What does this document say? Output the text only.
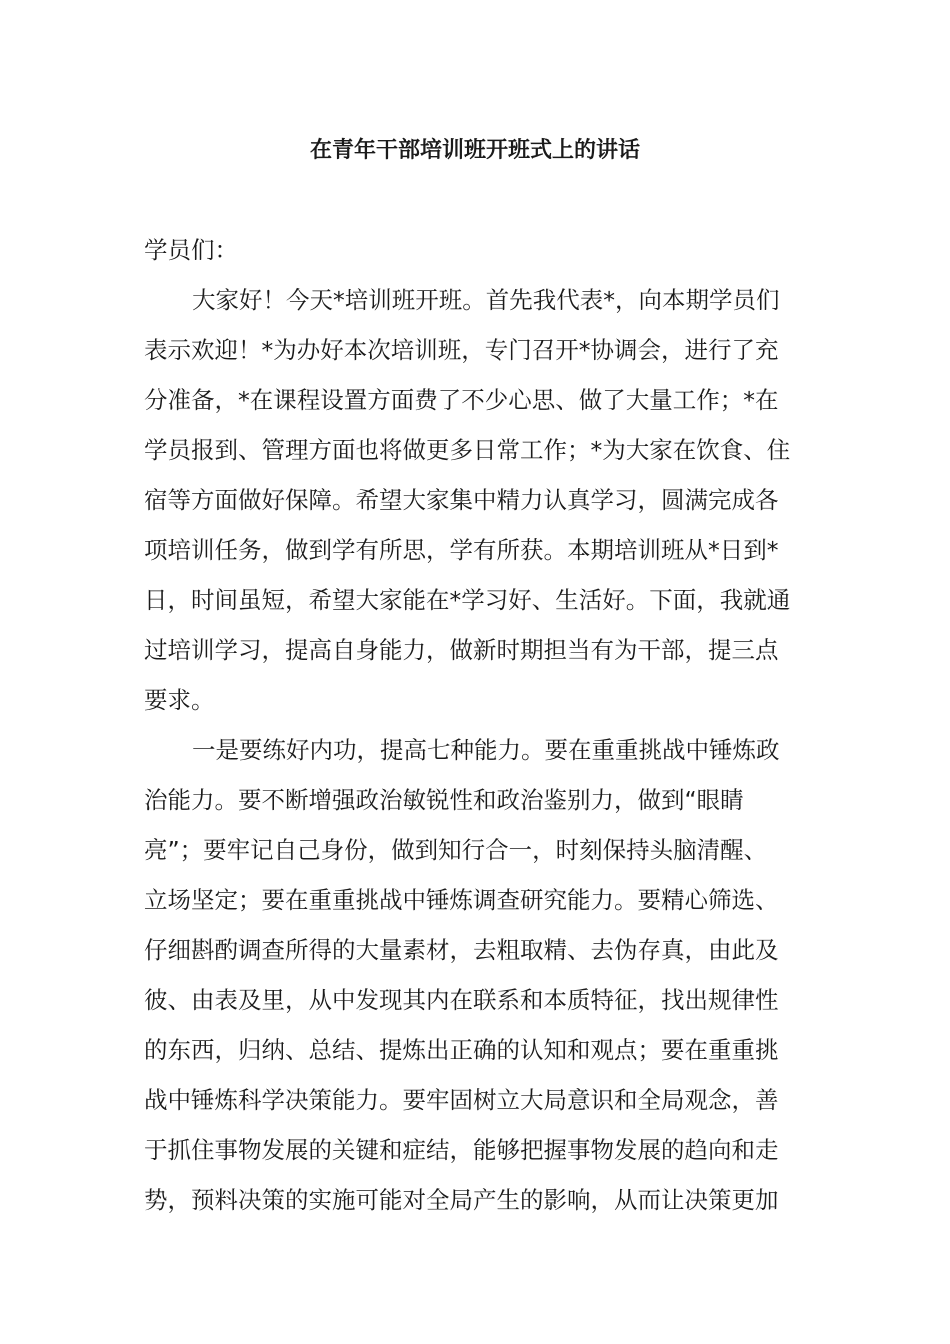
在青年干部培训班开班式上的讲话

学员们：

大家好！今天*培训班开班。首先我代表*，向本期学员们

表示欢迎！*为办好本次培训班，专门召开*协调会，进行了充

分准备，*在课程设置方面费了不少心思、做了大量工作；*在

学员报到、管理方面也将做更多日常工作；*为大家在饮食、住

宿等方面做好保障。希望大家集中精力认真学习，圆满完成各

项培训任务，做到学有所思，学有所获。本期培训班从*日到*

日，时间虽短，希望大家能在*学习好、生活好。下面，我就通

过培训学习，提高自身能力，做新时期担当有为干部，提三点

要求。

一是要练好内功，提高七种能力。要在重重挑战中锤炼政

治能力。要不断增强政治敏锐性和政治鉴别力，做到“眼睛

亮”；要牢记自己身份，做到知行合一，时刻保持头脑清醒、

立场坚定；要在重重挑战中锤炼调查研究能力。要精心筛选、

仔细斟酌调查所得的大量素材，去粗取精、去伪存真，由此及

彼、由表及里，从中发现其内在联系和本质特征，找出规律性

的东西，归纳、总结、提炼出正确的认知和观点；要在重重挑

战中锤炼科学决策能力。要牢固树立大局意识和全局观念，善

于抓住事物发展的关键和症结，能够把握事物发展的趋向和走

势，预料决策的实施可能对全局产生的影响，从而让决策更加
